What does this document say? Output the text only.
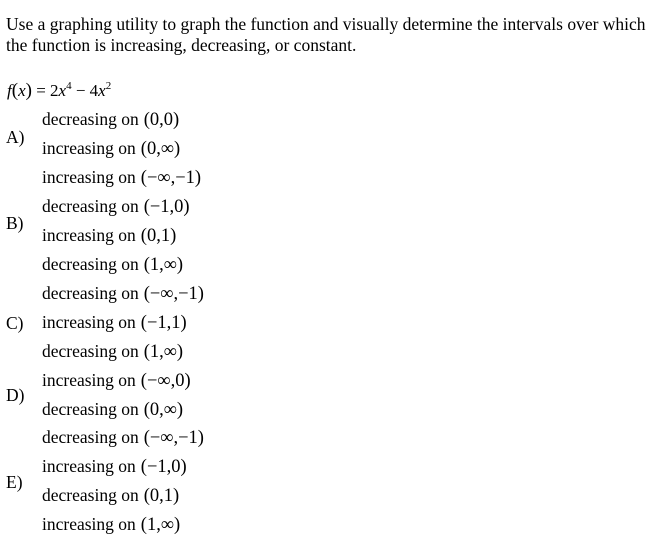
Use a graphing utility to graph the function and visually determine the intervals over which the function is increasing, decreasing, or constant.
$f(x) = 2x^4 - 4x^2$
A)
decreasing on (0,0)
increasing on (0,∞)
B)
increasing on (−∞,−1)
decreasing on (−1,0)
increasing on (0,1)
decreasing on (1,∞)
C)
decreasing on (−∞,−1)
increasing on (−1,1)
decreasing on (1,∞)
D)
increasing on (−∞,0)
decreasing on (0,∞)
E)
decreasing on (−∞,−1)
increasing on (−1,0)
decreasing on (0,1)
increasing on (1,∞)
